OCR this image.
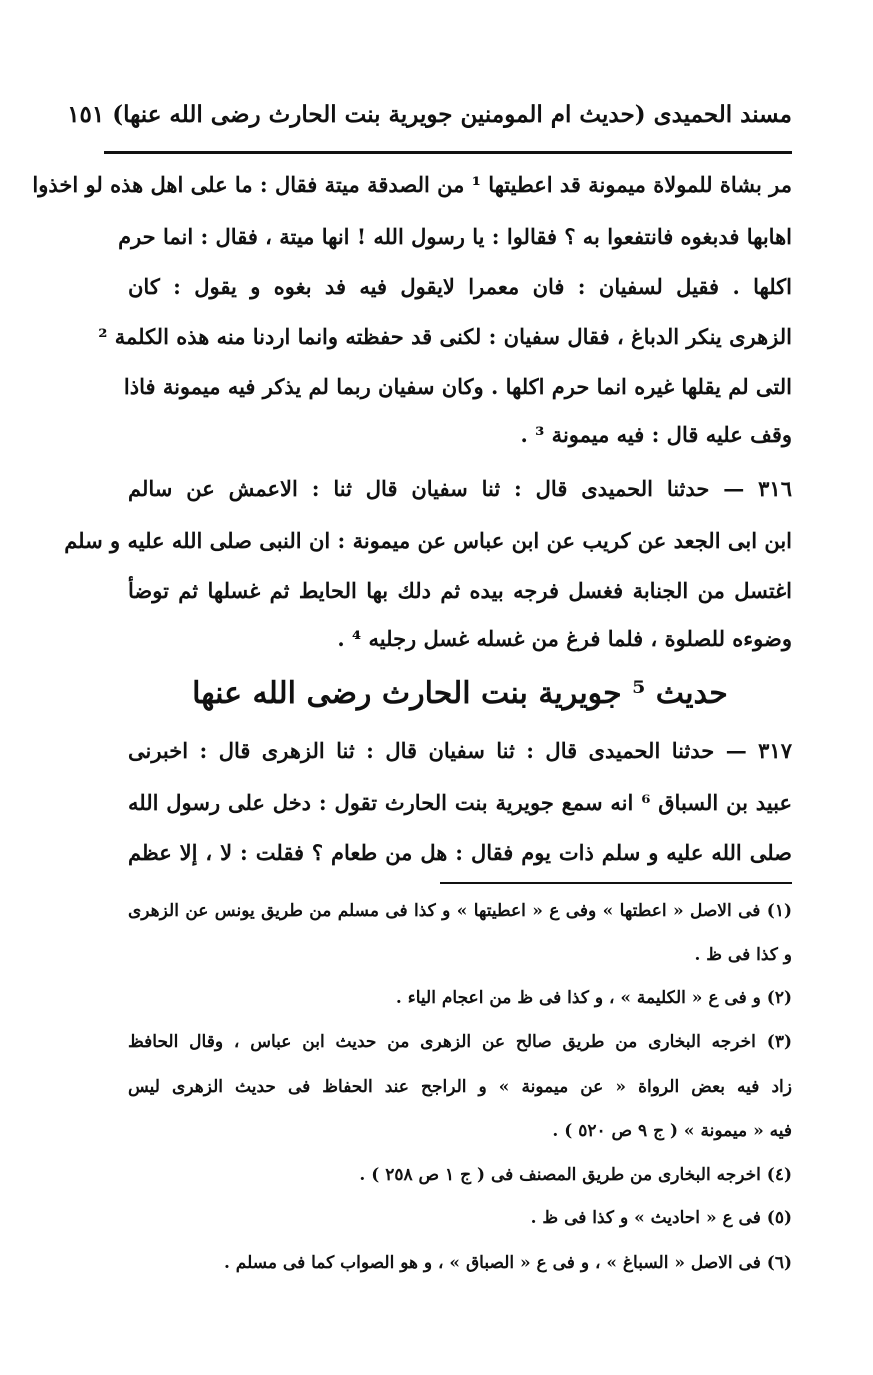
مسند الحميدى (حديث ام المومنين جويرية بنت الحارث رضى الله عنها) ١٥١
مر بشاة للمولاة ميمونة قد اعطيتها ¹ من الصدقة ميتة فقال : ما على اهل هذه لو اخذوا
اهابها فدبغوه فانتفعوا به ؟ فقالوا : يا رسول الله ! انها ميتة ، فقال : انما حرم
اكلها . فقيل لسفيان : فان معمرا لايقول فيه فد بغوه و يقول : كان
الزهرى ينكر الدباغ ، فقال سفيان : لكنى قد حفظته وانما اردنا منه هذه الكلمة ²
التى لم يقلها غيره انما حرم اكلها . وكان سفيان ربما لم يذكر فيه ميمونة فاذا
وقف عليه قال : فيه ميمونة ³ .
٣١٦ — حدثنا الحميدى قال : ثنا سفيان قال ثنا : الاعمش عن سالم
ابن ابى الجعد عن كريب عن ابن عباس عن ميمونة : ان النبى صلى الله عليه و سلم
اغتسل من الجنابة فغسل فرجه بيده ثم دلك بها الحايط ثم غسلها ثم توضأ
وضوءه للصلوة ، فلما فرغ من غسله غسل رجليه ⁴ .
حديث ⁵ جويرية بنت الحارث رضى الله عنها
٣١٧ — حدثنا الحميدى قال : ثنا سفيان قال : ثنا الزهرى قال : اخبرنى
عبيد بن السباق ⁶ انه سمع جويرية بنت الحارث تقول : دخل على رسول الله
صلى الله عليه و سلم ذات يوم فقال : هل من طعام ؟ فقلت : لا ، إلا عظم
(١) فى الاصل « اعطتها » وفى ع « اعطيتها » و كذا فى مسلم من طريق يونس عن الزهرى
و كذا فى ظ .
(٢) و فى ع « الكليمة » ، و كذا فى ظ من اعجام الياء .
(٣) اخرجه البخارى من طريق صالح عن الزهرى من حديث ابن عباس ، وقال الحافظ
زاد فيه بعض الرواة « عن ميمونة » و الراجح عند الحفاظ فى حديث الزهرى ليس
فيه « ميمونة » ( ج ٩ ص ٥٢٠ ) .
(٤) اخرجه البخارى من طريق المصنف فى ( ج ١ ص ٢٥٨ ) .
(٥) فى ع « احاديث » و كذا فى ظ .
(٦) فى الاصل « السباغ » ، و فى ع « الصباق » ، و هو الصواب كما فى مسلم .
